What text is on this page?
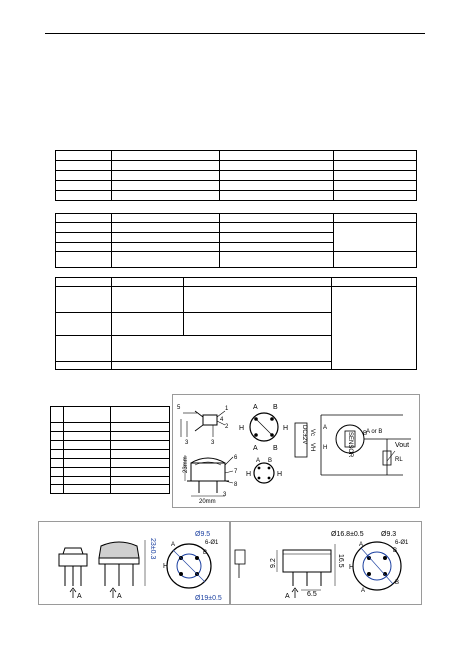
1
2
3	3
5
4
23mm
20mm
6
7
8
3
H	H
A B
A B
H	H
A B
DC±2V Vc
VH	SENSOR
A
H
B
A or B
RL
Vout
A	A
23±0.3
Ø9.5
Ø19±0.5
6-Ø1
H
A
B
9.2	16.5
A 6.5
Ø16.8±0.5 Ø9.3
6-Ø1
H
A
B
A
B
